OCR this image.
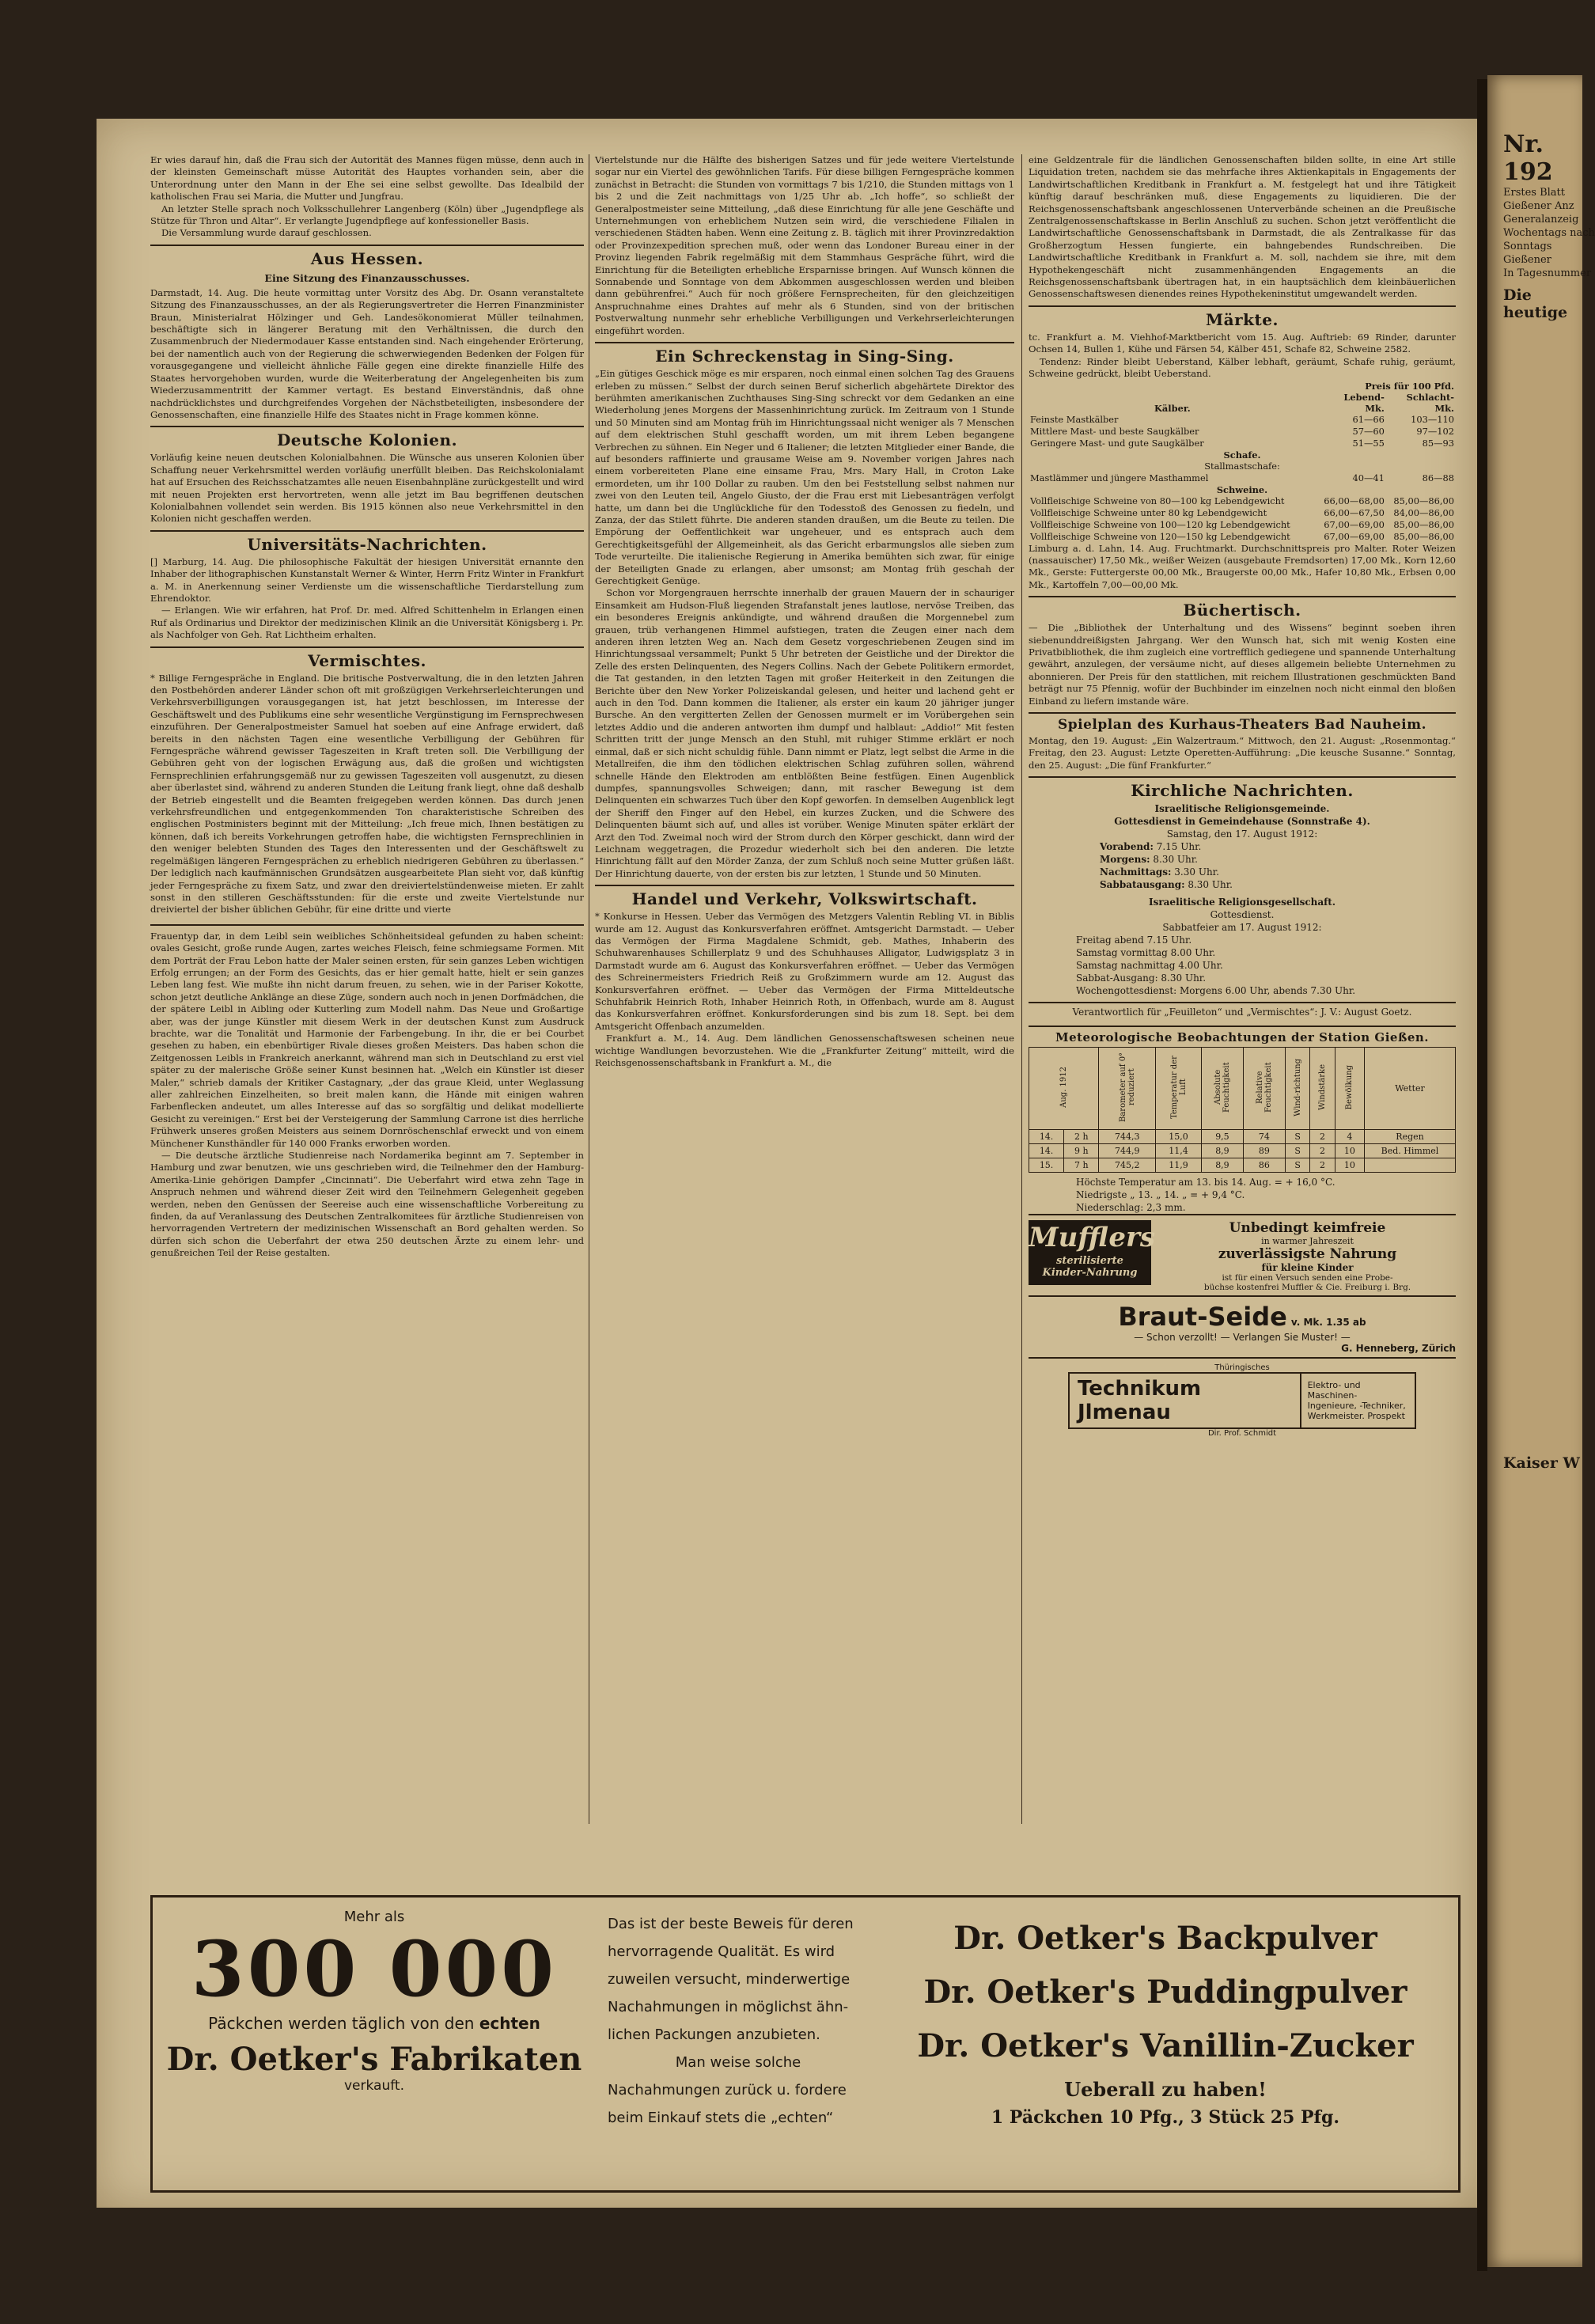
Er wies darauf hin, daß die Frau sich der Autorität des Mannes fügen müsse, denn auch in der kleinsten Gemeinschaft müsse Autorität des Hauptes vorhanden sein, aber die Unterordnung unter den Mann in der Ehe sei eine selbst gewollte. Das Idealbild der katholischen Frau sei Maria, die Mutter und Jungfrau.

An letzter Stelle sprach noch Volksschullehrer Langenberg (Köln) über „Jugendpflege als Stütze für Thron und Altar“. Er verlangte Jugendpflege auf konfessioneller Basis.

Die Versammlung wurde darauf geschlossen.

Aus Hessen.
Eine Sitzung des Finanzausschusses.

Darmstadt, 14. Aug. Die heute vormittag unter Vorsitz des Abg. Dr. Osann veranstaltete Sitzung des Finanzausschusses, an der als Regierungsvertreter die Herren Finanzminister Braun, Ministerialrat Hölzinger und Geh. Landesökonomierat Müller teilnahmen, beschäftigte sich in längerer Beratung mit den Verhältnissen, die durch den Zusammenbruch der Niedermodauer Kasse entstanden sind. Nach eingehender Erörterung, bei der namentlich auch von der Regierung die schwerwiegenden Bedenken der Folgen für vorausgegangene und vielleicht ähnliche Fälle gegen eine direkte finanzielle Hilfe des Staates hervorgehoben wurden, wurde die Weiterberatung der Angelegenheiten bis zum Wiederzusammentritt der Kammer vertagt. Es bestand Einverständnis, daß ohne nachdrücklichstes und durchgreifendes Vorgehen der Nächstbeteiligten, insbesondere der Genossenschaften, eine finanzielle Hilfe des Staates nicht in Frage kommen könne.

Deutsche Kolonien.

Vorläufig keine neuen deutschen Kolonialbahnen. Die Wünsche aus unseren Kolonien über Schaffung neuer Verkehrsmittel werden vorläufig unerfüllt bleiben. Das Reichskolonialamt hat auf Ersuchen des Reichsschatzamtes alle neuen Eisenbahnpläne zurückgestellt und wird mit neuen Projekten erst hervortreten, wenn alle jetzt im Bau begriffenen deutschen Kolonialbahnen vollendet sein werden. Bis 1915 können also neue Verkehrsmittel in den Kolonien nicht geschaffen werden.

Universitäts-Nachrichten.

[] Marburg, 14. Aug. Die philosophische Fakultät der hiesigen Universität ernannte den Inhaber der lithographischen Kunstanstalt Werner & Winter, Herrn Fritz Winter in Frankfurt a. M. in Anerkennung seiner Verdienste um die wissenschaftliche Tierdarstellung zum Ehrendoktor.

— Erlangen. Wie wir erfahren, hat Prof. Dr. med. Alfred Schittenhelm in Erlangen einen Ruf als Ordinarius und Direktor der medizinischen Klinik an die Universität Königsberg i. Pr. als Nachfolger von Geh. Rat Lichtheim erhalten.

Vermischtes.

* Billige Ferngespräche in England. Die britische Postverwaltung, die in den letzten Jahren den Postbehörden anderer Länder schon oft mit großzügigen Verkehrserleichterungen und Verkehrsverbilligungen vorausgegangen ist, hat jetzt beschlossen, im Interesse der Geschäftswelt und des Publikums eine sehr wesentliche Vergünstigung im Fernsprechwesen einzuführen. Der Generalpostmeister Samuel hat soeben auf eine Anfrage erwidert, daß bereits in den nächsten Tagen eine wesentliche Verbilligung der Gebühren für Ferngespräche während gewisser Tageszeiten in Kraft treten soll. Die Verbilligung der Gebühren geht von der logischen Erwägung aus, daß die großen und wichtigsten Fernsprechlinien erfahrungsgemäß nur zu gewissen Tageszeiten voll ausgenutzt, zu diesen aber überlastet sind, während zu anderen Stunden die Leitung frank liegt, ohne daß deshalb der Betrieb eingestellt und die Beamten freigegeben werden können. Das durch jenen verkehrsfreundlichen und entgegenkommenden Ton charakteristische Schreiben des englischen Postministers beginnt mit der Mitteilung: „Ich freue mich, Ihnen bestätigen zu können, daß ich bereits Vorkehrungen getroffen habe, die wichtigsten Fernsprechlinien in den weniger belebten Stunden des Tages den Interessenten und der Geschäftswelt zu regelmäßigen längeren Ferngesprächen zu erheblich niedrigeren Gebühren zu überlassen.“ Der lediglich nach kaufmännischen Grundsätzen ausgearbeitete Plan sieht vor, daß künftig jeder Ferngespräche zu fixem Satz, und zwar den dreiviertelstündenweise mieten. Er zahlt sonst in den stilleren Geschäftsstunden: für die erste und zweite Viertelstunde nur dreiviertel der bisher üblichen Gebühr, für eine dritte und vierte

Frauentyp dar, in dem Leibl sein weibliches Schönheitsideal gefunden zu haben scheint: ovales Gesicht, große runde Augen, zartes weiches Fleisch, feine schmiegsame Formen. Mit dem Porträt der Frau Lebon hatte der Maler seinen ersten, für sein ganzes Leben wichtigen Erfolg errungen; an der Form des Gesichts, das er hier gemalt hatte, hielt er sein ganzes Leben lang fest. Wie mußte ihn nicht darum freuen, zu sehen, wie in der Pariser Kokotte, schon jetzt deutliche Anklänge an diese Züge, sondern auch noch in jenen Dorfmädchen, die der spätere Leibl in Aibling oder Kutterling zum Modell nahm. Das Neue und Großartige aber, was der junge Künstler mit diesem Werk in der deutschen Kunst zum Ausdruck brachte, war die Tonalität und Harmonie der Farbengebung. In ihr, die er bei Courbet gesehen zu haben, ein ebenbürtiger Rivale dieses großen Meisters. Das haben schon die Zeitgenossen Leibls in Frankreich anerkannt, während man sich in Deutschland zu erst viel später zu der malerische Größe seiner Kunst besinnen hat. „Welch ein Künstler ist dieser Maler,“ schrieb damals der Kritiker Castagnary, „der das graue Kleid, unter Weglassung aller zahlreichen Einzelheiten, so breit malen kann, die Hände mit einigen wahren Farbenflecken andeutet, um alles Interesse auf das so sorgfältig und delikat modellierte Gesicht zu vereinigen.“ Erst bei der Versteigerung der Sammlung Carrone ist dies herrliche Frühwerk unseres großen Meisters aus seinem Dornröschenschlaf erweckt und von einem Münchener Kunsthändler für 140 000 Franks erworben worden.

— Die deutsche ärztliche Studienreise nach Nordamerika beginnt am 7. September in Hamburg und zwar benutzen, wie uns geschrieben wird, die Teilnehmer den der Hamburg-Amerika-Linie gehörigen Dampfer „Cincinnati“. Die Ueberfahrt wird etwa zehn Tage in Anspruch nehmen und während dieser Zeit wird den Teilnehmern Gelegenheit gegeben werden, neben den Genüssen der Seereise auch eine wissenschaftliche Vorbereitung zu finden, da auf Veranlassung des Deutschen Zentralkomitees für ärztliche Studienreisen von hervorragenden Vertretern der medizinischen Wissenschaft an Bord gehalten werden. So dürfen sich schon die Ueberfahrt der etwa 250 deutschen Ärzte zu einem lehr- und genußreichen Teil der Reise gestalten.

Viertelstunde nur die Hälfte des bisherigen Satzes und für jede weitere Viertelstunde sogar nur ein Viertel des gewöhnlichen Tarifs. Für diese billigen Ferngespräche kommen zunächst in Betracht: die Stunden von vormittags 7 bis 1/210, die Stunden mittags von 1 bis 2 und die Zeit nachmittags von 1/25 Uhr ab. „Ich hoffe“, so schließt der Generalpostmeister seine Mitteilung, „daß diese Einrichtung für alle jene Geschäfte und Unternehmungen von erheblichem Nutzen sein wird, die verschiedene Filialen in verschiedenen Städten haben. Wenn eine Zeitung z. B. täglich mit ihrer Provinzredaktion oder Provinzexpedition sprechen muß, oder wenn das Londoner Bureau einer in der Provinz liegenden Fabrik regelmäßig mit dem Stammhaus Gespräche führt, wird die Einrichtung für die Beteiligten erhebliche Ersparnisse bringen. Auf Wunsch können die Sonnabende und Sonntage von dem Abkommen ausgeschlossen werden und bleiben dann gebührenfrei.“ Auch für noch größere Fernsprecheiten, für den gleichzeitigen Anspruchnahme eines Drahtes auf mehr als 6 Stunden, sind von der britischen Postverwaltung nunmehr sehr erhebliche Verbilligungen und Verkehrserleichterungen eingeführt worden.

Ein Schreckenstag in Sing-Sing.

„Ein gütiges Geschick möge es mir ersparen, noch einmal einen solchen Tag des Grauens erleben zu müssen.“ Selbst der durch seinen Beruf sicherlich abgehärtete Direktor des berühmten amerikanischen Zuchthauses Sing-Sing schreckt vor dem Gedanken an eine Wiederholung jenes Morgens der Massenhinrichtung zurück. Im Zeitraum von 1 Stunde und 50 Minuten sind am Montag früh im Hinrichtungssaal nicht weniger als 7 Menschen auf dem elektrischen Stuhl geschafft worden, um mit ihrem Leben begangene Verbrechen zu sühnen. Ein Neger und 6 Italiener; die letzten Mitglieder einer Bande, die auf besonders raffinierte und grausame Weise am 9. November vorigen Jahres nach einem vorbereiteten Plane eine einsame Frau, Mrs. Mary Hall, in Croton Lake ermordeten, um ihr 100 Dollar zu rauben. Um den bei Feststellung selbst nahmen nur zwei von den Leuten teil, Angelo Giusto, der die Frau erst mit Liebesanträgen verfolgt hatte, um dann bei die Unglückliche für den Todesstoß des Genossen zu fiedeln, und Zanza, der das Stilett führte. Die anderen standen draußen, um die Beute zu teilen. Die Empörung der Oeffentlichkeit war ungeheuer, und es entsprach auch dem Gerechtigkeitsgefühl der Allgemeinheit, als das Gericht erbarmungslos alle sieben zum Tode verurteilte. Die italienische Regierung in Amerika bemühten sich zwar, für einige der Beteiligten Gnade zu erlangen, aber umsonst; am Montag früh geschah der Gerechtigkeit Genüge.

Schon vor Morgengrauen herrschte innerhalb der grauen Mauern der in schauriger Einsamkeit am Hudson-Fluß liegenden Strafanstalt jenes lautlose, nervöse Treiben, das ein besonderes Ereignis ankündigte, und während draußen die Morgennebel zum grauen, trüb verhangenen Himmel aufstiegen, traten die Zeugen einer nach dem anderen ihren letzten Weg an. Nach dem Gesetz vorgeschriebenen Zeugen sind im Hinrichtungssaal versammelt; Punkt 5 Uhr betreten der Geistliche und der Direktor die Zelle des ersten Delinquenten, des Negers Collins. Nach der Gebete Politikern ermordet, die Tat gestanden, in den letzten Tagen mit großer Heiterkeit in den Zeitungen die Berichte über den New Yorker Polizeiskandal gelesen, und heiter und lachend geht er auch in den Tod. Dann kommen die Italiener, als erster ein kaum 20 jähriger junger Bursche. An den vergitterten Zellen der Genossen murmelt er im Vorübergehen sein letztes Addio und die anderen antworten ihm dumpf und halblaut: „Addio!“ Mit festen Schritten tritt der junge Mensch an den Stuhl, mit ruhiger Stimme erklärt er noch einmal, daß er sich nicht schuldig fühle. Dann nimmt er Platz, legt selbst die Arme in die Metallreifen, die ihm den tödlichen elektrischen Schlag zuführen sollen, während schnelle Hände den Elektroden am entblößten Beine festfügen. Einen Augenblick dumpfes, spannungsvolles Schweigen; dann, mit rascher Bewegung ist dem Delinquenten ein schwarzes Tuch über den Kopf geworfen. In demselben Augenblick legt der Sheriff den Finger auf den Hebel, ein kurzes Zucken, und die Schwere des Delinquenten bäumt sich auf, und alles ist vorüber. Wenige Minuten später erklärt der Arzt den Tod. Zweimal noch wird der Strom durch den Körper geschickt, dann wird der Leichnam weggetragen, die Prozedur wiederholt sich bei den anderen. Die letzte Hinrichtung fällt auf den Mörder Zanza, der zum Schluß noch seine Mutter grüßen läßt. Der Hinrichtung dauerte, von der ersten bis zur letzten, 1 Stunde und 50 Minuten.

Handel und Verkehr, Volkswirtschaft.

* Konkurse in Hessen. Ueber das Vermögen des Metzgers Valentin Rebling VI. in Biblis wurde am 12. August das Konkursverfahren eröffnet. Amtsgericht Darmstadt. — Ueber das Vermögen der Firma Magdalene Schmidt, geb. Mathes, Inhaberin des Schuhwarenhauses Schillerplatz 9 und des Schuhhauses Alligator, Ludwigsplatz 3 in Darmstadt wurde am 6. August das Konkursverfahren eröffnet. — Ueber das Vermögen des Schreinermeisters Friedrich Reiß zu Großzimmern wurde am 12. August das Konkursverfahren eröffnet. — Ueber das Vermögen der Firma Mitteldeutsche Schuhfabrik Heinrich Roth, Inhaber Heinrich Roth, in Offenbach, wurde am 8. August das Konkursverfahren eröffnet. Konkursforderungen sind bis zum 18. Sept. bei dem Amtsgericht Offenbach anzumelden.

Frankfurt a. M., 14. Aug. Dem ländlichen Genossenschaftswesen scheinen neue wichtige Wandlungen bevorzustehen. Wie die „Frankfurter Zeitung“ mitteilt, wird die Reichsgenossenschaftsbank in Frankfurt a. M., die

eine Geldzentrale für die ländlichen Genossenschaften bilden sollte, in eine Art stille Liquidation treten, nachdem sie das mehrfache ihres Aktienkapitals in Engagements der Landwirtschaftlichen Kreditbank in Frankfurt a. M. festgelegt hat und ihre Tätigkeit künftig darauf beschränken muß, diese Engagements zu liquidieren. Die der Reichsgenossenschaftsbank angeschlossenen Unterverbände scheinen an die Preußische Zentralgenossenschaftskasse in Berlin Anschluß zu suchen. Schon jetzt veröffentlicht die Landwirtschaftliche Genossenschaftsbank in Darmstadt, die als Zentralkasse für das Großherzogtum Hessen fungierte, ein bahngebendes Rundschreiben. Die Landwirtschaftliche Kreditbank in Frankfurt a. M. soll, nachdem sie ihre, mit dem Hypothekengeschäft nicht zusammenhängenden Engagements an die Reichsgenossenschaftsbank übertragen hat, in ein hauptsächlich dem kleinbäuerlichen Genossenschaftswesen dienendes reines Hypothekeninstitut umgewandelt werden.

Märkte.

tc. Frankfurt a. M. Viehhof-Marktbericht vom 15. Aug. Auftrieb: 69 Rinder, darunter Ochsen 14, Bullen 1, Kühe und Färsen 54, Kälber 451, Schafe 82, Schweine 2582.

Tendenz: Rinder bleibt Ueberstand, Kälber lebhaft, geräumt, Schafe ruhig, geräumt, Schweine gedrückt, bleibt Ueberstand.

	Preis für 100 Pfd.	
	Lebend-	Schlacht-
Kälber.	Mk.	Mk.
Feinste Mastkälber	61—66	103—110
Mittlere Mast- und beste Saugkälber	57—60	97—102
Geringere Mast- und gute Saugkälber	51—55	85—93
Schafe.		
Stallmastschafe:		
Mastlämmer und jüngere Masthammel	40—41	86—88
Schweine.		
Vollfleischige Schweine von 80—100 kg Lebendgewicht	66,00—68,00	85,00—86,00
Vollfleischige Schweine unter 80 kg Lebendgewicht	66,00—67,50	84,00—86,00
Vollfleischige Schweine von 100—120 kg Lebendgewicht	67,00—69,00	85,00—86,00
Vollfleischige Schweine von 120—150 kg Lebendgewicht	67,00—69,00	85,00—86,00

Limburg a. d. Lahn, 14. Aug. Fruchtmarkt. Durchschnittspreis pro Malter. Roter Weizen (nassauischer) 17,50 Mk., weißer Weizen (ausgebaute Fremdsorten) 17,00 Mk., Korn 12,60 Mk., Gerste: Futtergerste 00,00 Mk., Braugerste 00,00 Mk., Hafer 10,80 Mk., Erbsen 0,00 Mk., Kartoffeln 7,00—00,00 Mk.

Büchertisch.

— Die „Bibliothek der Unterhaltung und des Wissens“ beginnt soeben ihren siebenunddreißigsten Jahrgang. Wer den Wunsch hat, sich mit wenig Kosten eine Privatbibliothek, die ihm zugleich eine vortrefflich gediegene und spannende Unterhaltung gewährt, anzulegen, der versäume nicht, auf dieses allgemein beliebte Unternehmen zu abonnieren. Der Preis für den stattlichen, mit reichem Illustrationen geschmückten Band beträgt nur 75 Pfennig, wofür der Buchbinder im einzelnen noch nicht einmal den bloßen Einband zu liefern imstande wäre.

Spielplan des Kurhaus-Theaters Bad Nauheim.

Montag, den 19. August: „Ein Walzertraum.“ Mittwoch, den 21. August: „Rosenmontag.“ Freitag, den 23. August: Letzte Operetten-Aufführung: „Die keusche Susanne.“ Sonntag, den 25. August: „Die fünf Frankfurter.“

Kirchliche Nachrichten.
Israelitische Religionsgemeinde.
Gottesdienst in Gemeindehause (Sonnstraße 4).
Samstag, den 17. August 1912:
Vorabend: 7.15 Uhr.
Morgens: 8.30 Uhr.
Nachmittags: 3.30 Uhr.
Sabbatausgang: 8.30 Uhr.
Israelitische Religionsgesellschaft.
Gottesdienst.
Sabbatfeier am 17. August 1912:
Freitag abend 7.15 Uhr.
Samstag vormittag 8.00 Uhr.
Samstag nachmittag 4.00 Uhr.
Sabbat-Ausgang: 8.30 Uhr.
Wochengottesdienst: Morgens 6.00 Uhr, abends 7.30 Uhr.
Verantwortlich für „Feuilleton“ und „Vermischtes“: J. V.: August Goetz.
Meteorologische Beobachtungen der Station Gießen.
Aug. 1912		Barometer auf 0° reduziert	Temperatur der Luft	Absolute Feuchtigkeit	Relative Feuchtigkeit	Wind-richtung	Windstärke	Bewölkung	Wetter
14.	2 h	744,3	15,0	9,5	74	S	2	4	Regen
14.	9 h	744,9	11,4	8,9	89	S	2	10	Bed. Himmel
15.	7 h	745,2	11,9	8,9	86	S	2	10	
Höchste Temperatur am 13. bis 14. Aug. = + 16,0 °C.
Niedrigste „ 13. „ 14. „ = + 9,4 °C.
Niederschlag: 2,3 mm.
Mufflers
sterilisierte
Kinder-Nahrung
Unbedingt keimfreie
in warmer Jahreszeit
zuverlässigste Nahrung
für kleine Kinder
ist für einen Versuch senden eine Probe-
büchse kostenfrei Muffler & Cie. Freiburg i. Brg.
Braut-Seide v. Mk. 1.35 ab
— Schon verzollt! — Verlangen Sie Muster! —
G. Henneberg, Zürich
Thüringisches
Technikum Jlmenau
Elektro- und Maschinen-
Ingenieure, -Techniker,
Werkmeister. Prospekt
Dir. Prof. Schmidt
Mehr als
300 000
Päckchen werden täglich von den echten
Dr. Oetker's Fabrikaten
verkauft.
Das ist der beste Beweis für deren
hervorragende Qualität. Es wird
zuweilen versucht, minderwertige
Nachahmungen in möglichst ähn-
lichen Packungen anzubieten.
Man weise solche
Nachahmungen zurück u. fordere
beim Einkauf stets die „echten“
Dr. Oetker's Backpulver
Dr. Oetker's Puddingpulver
Dr. Oetker's Vanillin-Zucker
Ueberall zu haben!
1 Päckchen 10 Pfg., 3 Stück 25 Pfg.
Nr. 192
Erstes Blatt
Gießener Anz
Generalanzeig
Wochentags nach
Sonntags
Gießener
In Tagesnummer
Die heutige
Kaiser W
